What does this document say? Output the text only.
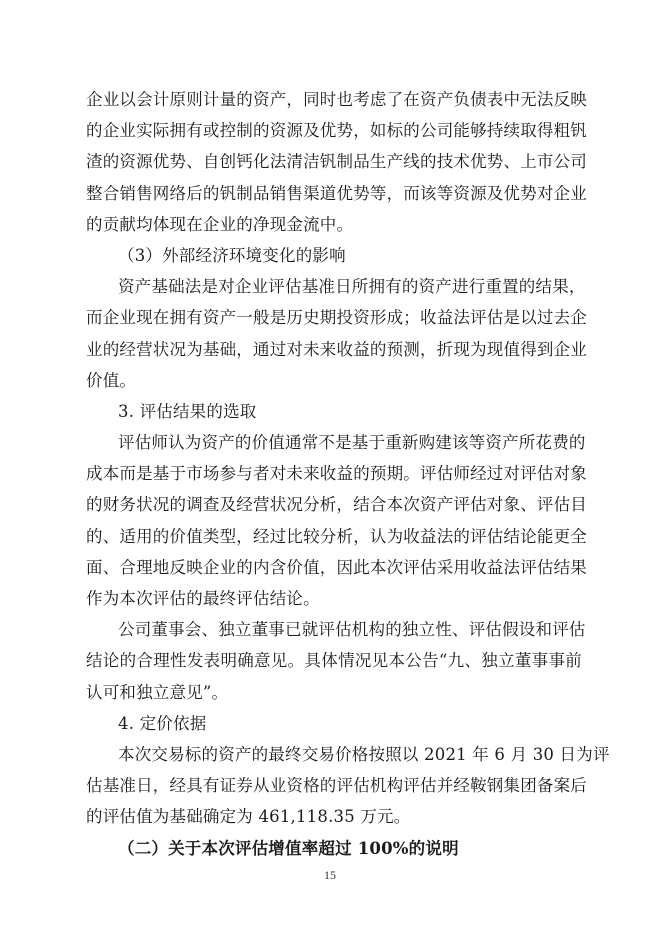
企业以会计原则计量的资产，同时也考虑了在资产负债表中无法反映
的企业实际拥有或控制的资源及优势，如标的公司能够持续取得粗钒
渣的资源优势、自创钙化法清洁钒制品生产线的技术优势、上市公司
整合销售网络后的钒制品销售渠道优势等，而该等资源及优势对企业
的贡献均体现在企业的净现金流中。
（3）外部经济环境变化的影响
资产基础法是对企业评估基准日所拥有的资产进行重置的结果，
而企业现在拥有资产一般是历史期投资形成；收益法评估是以过去企
业的经营状况为基础，通过对未来收益的预测，折现为现值得到企业
价值。
3. 评估结果的选取
评估师认为资产的价值通常不是基于重新购建该等资产所花费的
成本而是基于市场参与者对未来收益的预期。评估师经过对评估对象
的财务状况的调查及经营状况分析，结合本次资产评估对象、评估目
的、适用的价值类型，经过比较分析，认为收益法的评估结论能更全
面、合理地反映企业的内含价值，因此本次评估采用收益法评估结果
作为本次评估的最终评估结论。
公司董事会、独立董事已就评估机构的独立性、评估假设和评估
结论的合理性发表明确意见。具体情况见本公告“九、独立董事事前
认可和独立意见”。
4. 定价依据
本次交易标的资产的最终交易价格按照以 2021 年 6 月 30 日为评
估基准日，经具有证券从业资格的评估机构评估并经鞍钢集团备案后
的评估值为基础确定为 461,118.35 万元。
（二）关于本次评估增值率超过 100%的说明
15
